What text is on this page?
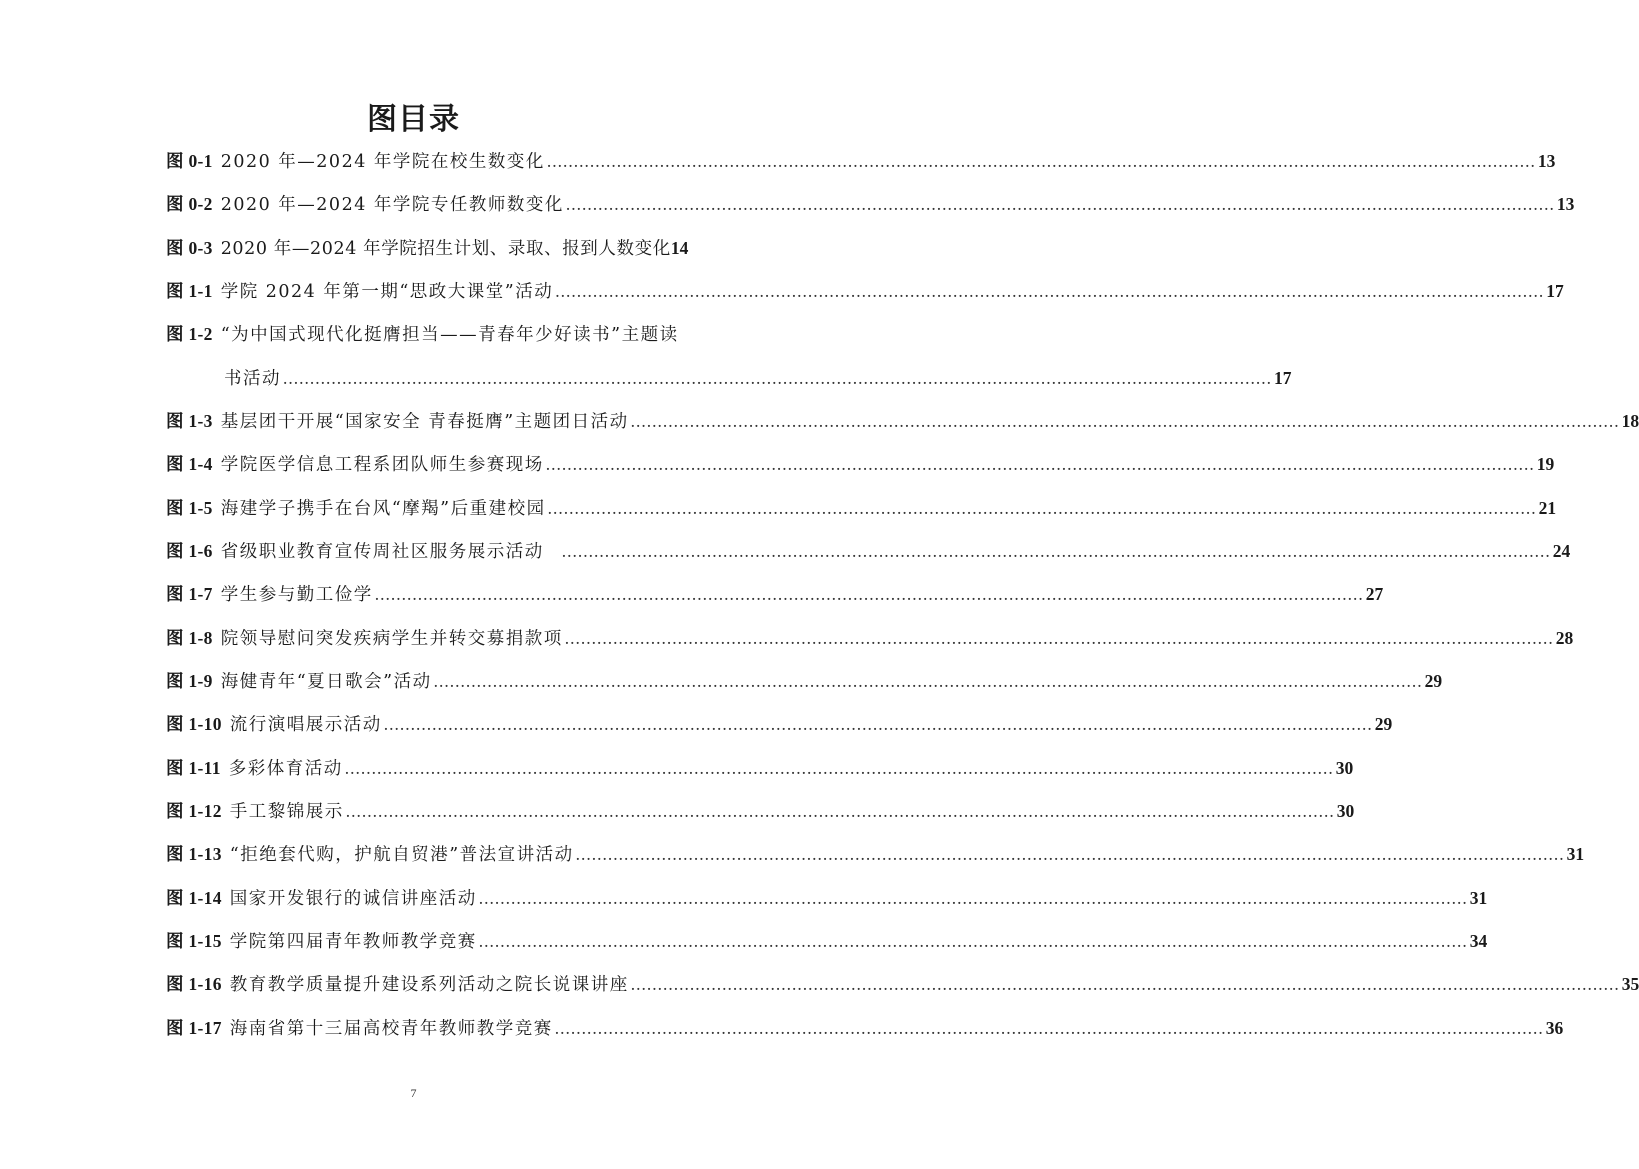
图目录
图 0-1 2020 年—2024 年学院在校生数变化 .....	13
图 0-2 2020 年—2024 年学院专任教师数变化 .....	13
图 0-3 2020 年—2024 年学院招生计划、录取、报到人数变化 14
图 1-1 学院 2024 年第一期“思政大课堂”活动 .....	17
图 1-2 “为中国式现代化挺膺担当——青春年少好读书”主题读
书活动 .....	17
图 1-3 基层团干开展“国家安全 青春挺膺”主题团日活动 .....	18
图 1-4 学院医学信息工程系团队师生参赛现场 .....	19
图 1-5 海建学子携手在台风“摩羯”后重建校园 .....	21
图 1-6 省级职业教育宣传周社区服务展示活动 .....	24
图 1-7 学生参与勤工俭学 .....	27
图 1-8 院领导慰问突发疾病学生并转交募捐款项 .....	28
图 1-9 海健青年“夏日歌会”活动 .....	29
图 1-10 流行演唱展示活动 .....	29
图 1-11 多彩体育活动 .....	30
图 1-12 手工黎锦展示 .....	30
图 1-13 “拒绝套代购，护航自贸港”普法宣讲活动 .....	31
图 1-14 国家开发银行的诚信讲座活动 .....	31
图 1-15 学院第四届青年教师教学竞赛 .....	34
图 1-16 教育教学质量提升建设系列活动之院长说课讲座 .....	35
图 1-17 海南省第十三届高校青年教师教学竞赛 .....	36
7
